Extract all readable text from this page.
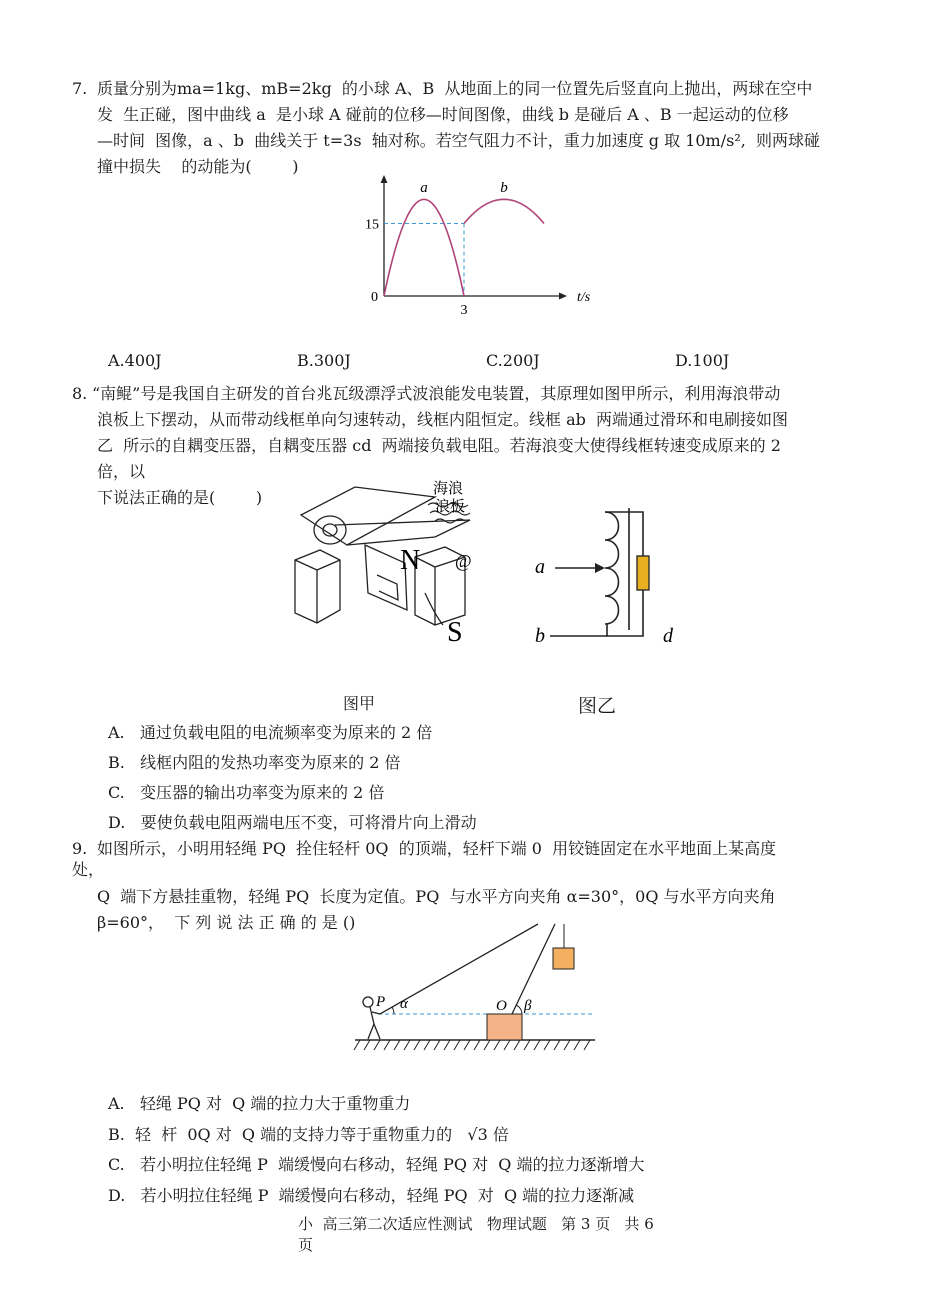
7. 质量分别为ma=1kg、mB=2kg  的小球 A、B  从地面上的同一位置先后竖直向上抛出，两球在空中
发  生正碰，图中曲线 a  是小球 A 碰前的位移—时间图像，曲线 b 是碰后 A 、B 一起运动的位移
—时间  图像，a 、b  曲线关于 t=3s  轴对称。若空气阻力不计，重力加速度 g 取 10m/s²,  则两球碰
撞中损失    的动能为(        )
a	b
15
3
0	t/s
A.400J	B.300J	C.200J	D.100J
8. “南鲲”号是我国自主研发的首台兆瓦级漂浮式波浪能发电装置，其原理如图甲所示，利用海浪带动
浪板上下摆动，从而带动线框单向匀速转动，线框内阻恒定。线框 ab  两端通过滑环和电刷接如图
乙  所示的自耦变压器，自耦变压器 cd  两端接负载电阻。若海浪变大使得线框转速变成原来的 2
倍，以
下说法正确的是(        )	海浪
浪板
N @
S
a
b	d
图甲	图乙
A.   通过负载电阻的电流频率变为原来的 2 倍
B.   线框内阻的发热功率变为原来的 2 倍
C.   变压器的输出功率变为原来的 2 倍
D.   要使负载电阻两端电压不变，可将滑片向上滑动
9. 如图所示，小明用轻绳 PQ  拴住轻杆 0Q  的顶端，轻杆下端 0  用铰链固定在水平地面上某高度
处，
Q  端下方悬挂重物，轻绳 PQ  长度为定值。PQ  与水平方向夹角 α=30°，0Q 与水平方向夹角
β=60°，  下 列 说 法 正 确 的 是 ()
P α	O β
A.   轻绳 PQ 对  Q 端的拉力大于重物重力
B.  轻  杆  0Q 对  Q 端的支持力等于重物重力的   √3 倍
C.   若小明拉住轻绳 P  端缓慢向右移动，轻绳 PQ 对  Q 端的拉力逐渐增大
D.   若小明拉住轻绳 P  端缓慢向右移动，轻绳 PQ  对  Q 端的拉力逐渐减
小  高三第二次适应性测试   物理试题   第 3 页   共 6
页
